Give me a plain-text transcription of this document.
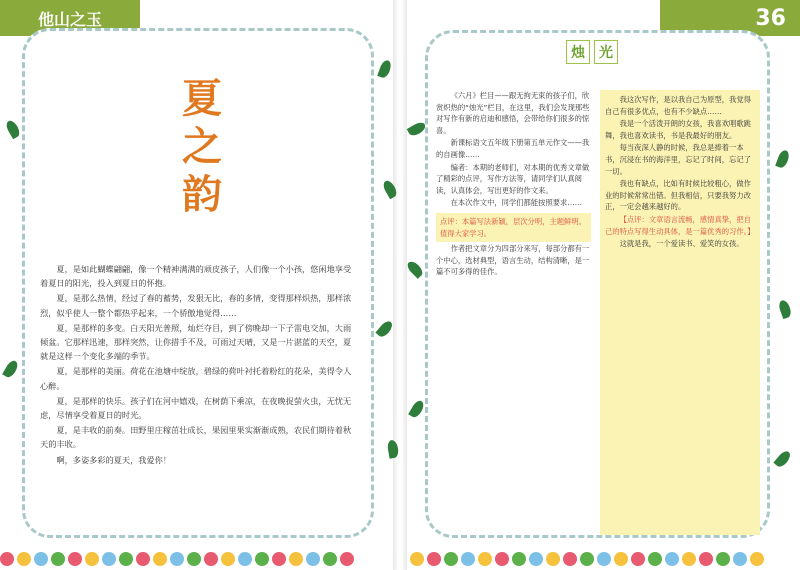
他山之玉	36
夏
之
韵

夏，是如此蝴蝶翩翩，像一个精神满满的顽皮孩子，人们像一个小孩，悠闲地享受着夏日的阳光，投入到夏日的怀抱。

夏，是那么热情，经过了春的蓄势，发狠无比，春的多情，变得那样炽热，那样浓烈，似乎使人一整个都热乎起来，一个骄傲地觉得……

夏，是那样的多变。白天阳光普照，灿烂夺目，到了傍晚却一下子雷电交加，大雨倾盆。它那样迅速，那样突然，让你措手不及，可雨过天晴，又是一片湛蓝的天空，夏就是这样一个变化多端的季节。

夏，是那样的美丽。荷花在池塘中绽放，碧绿的荷叶衬托着粉红的花朵，美得令人心醉。

夏，是那样的快乐。孩子们在河中嬉戏，在树荫下乘凉，在夜晚捉萤火虫，无忧无虑，尽情享受着夏日的时光。

夏，是丰收的前奏。田野里庄稼茁壮成长，果园里果实渐渐成熟，农民们期待着秋天的丰收。

啊，多姿多彩的夏天，我爱你！

烛	光

《六月》栏目——跟无拘无束的孩子们，欣赏炽热的“烛光”栏目，在这里，我们会发现那些对写作有新的启迪和感悟，会带给你们很多的惊喜。

新课标语文五年级下册第五单元作文——我的自画像……

编者：本期的老师们，对本期的优秀文章做了精彩的点评，写作方法等，请同学们认真阅读，认真体会，写出更好的作文来。

在本次作文中，同学们都能按照要求……

点评：本篇写法新颖，层次分明，主题鲜明。值得大家学习。

作者把文章分为四部分来写，每部分都有一个中心，选材典型，语言生动，结构清晰，是一篇不可多得的佳作。

我这次写作，是以我自己为原型，我觉得自己有很多优点，也有不少缺点……

我是一个活泼开朗的女孩，我喜欢唱歌跳舞，我也喜欢读书，书是我最好的朋友。

每当夜深人静的时候，我总是捧着一本书，沉浸在书的海洋里，忘记了时间，忘记了一切。

我也有缺点，比如有时候比较粗心，做作业的时候常常出错。但我相信，只要我努力改正，一定会越来越好的。

【点评：文章语言流畅，感情真挚，把自己的特点写得生动具体，是一篇优秀的习作。】

这就是我，一个爱读书、爱笑的女孩。
